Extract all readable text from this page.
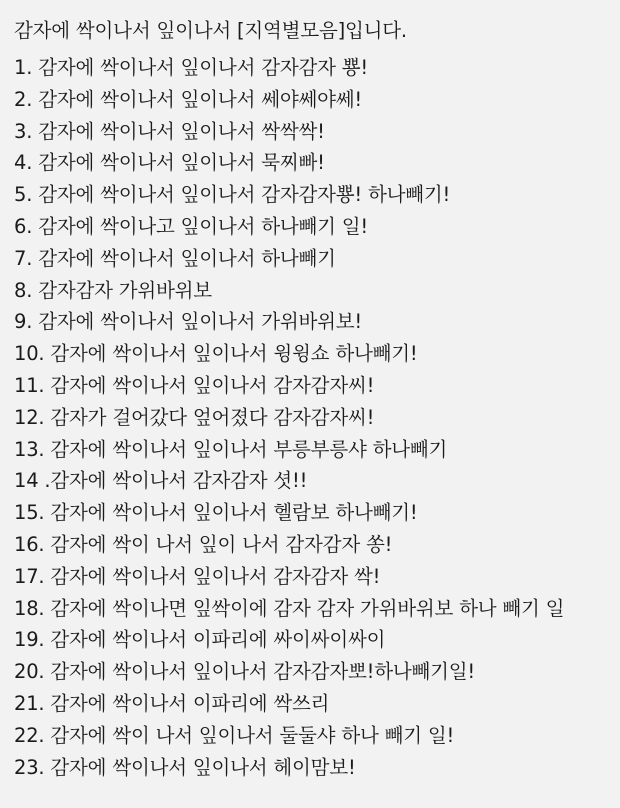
감자에 싹이나서 잎이나서 [지역별모음]입니다.
1. 감자에 싹이나서 잎이나서 감자감자 뿅!
2. 감자에 싹이나서 잎이나서 쎄야쎄야쎄!
3. 감자에 싹이나서 잎이나서 싹싹싹!
4. 감자에 싹이나서 잎이나서 묵찌빠!
5. 감자에 싹이나서 잎이나서 감자감자뿅! 하나빼기!
6. 감자에 싹이나고 잎이나서 하나빼기 일!
7. 감자에 싹이나서 잎이나서 하나빼기
8. 감자감자 가위바위보
9. 감자에 싹이나서 잎이나서 가위바위보!
10. 감자에 싹이나서 잎이나서 윙윙쇼 하나빼기!
11. 감자에 싹이나서 잎이나서 감자감자씨!
12. 감자가 걸어갔다 엎어졌다 감자감자씨!
13. 감자에 싹이나서 잎이나서 부릉부릉샤 하나빼기
14 .감자에 싹이나서 감자감자 셧!!
15. 감자에 싹이나서 잎이나서 헬람보 하나빼기!
16. 감자에 싹이 나서 잎이 나서 감자감자 쏭!
17. 감자에 싹이나서 잎이나서 감자감자 싹!
18. 감자에 싹이나면 잎싹이에 감자 감자 가위바위보 하나 빼기 일
19. 감자에 싹이나서 이파리에 싸이싸이싸이
20. 감자에 싹이나서 잎이나서 감자감자뽀!하나빼기일!
21. 감자에 싹이나서 이파리에 싹쓰리
22. 감자에 싹이 나서 잎이나서 둘둘샤 하나 빼기 일!
23. 감자에 싹이나서 잎이나서 헤이맘보!
